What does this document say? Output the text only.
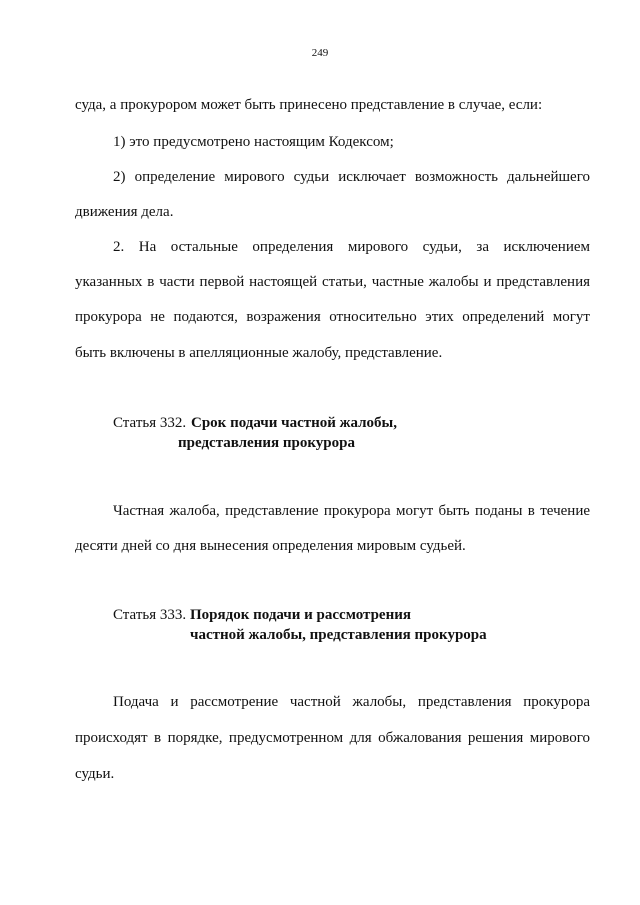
249
суда, а прокурором может быть принесено представление в случае, если:
1) это предусмотрено настоящим Кодексом;
2) определение мирового судьи исключает возможность дальнейшего
движения дела.
2. На остальные определения мирового судьи, за исключением
указанных в части первой настоящей статьи, частные жалобы и представления
прокурора не подаются, возражения относительно этих определений могут
быть включены в апелляционные жалобу, представление.
Статья 332. Срок подачи частной жалобы,
представления прокурора
Частная жалоба, представление прокурора могут быть поданы в течение
десяти дней со дня вынесения определения мировым судьей.
Статья 333. Порядок подачи и рассмотрения
частной жалобы, представления прокурора
Подача и рассмотрение частной жалобы, представления прокурора
происходят в порядке, предусмотренном для обжалования решения мирового
судьи.
